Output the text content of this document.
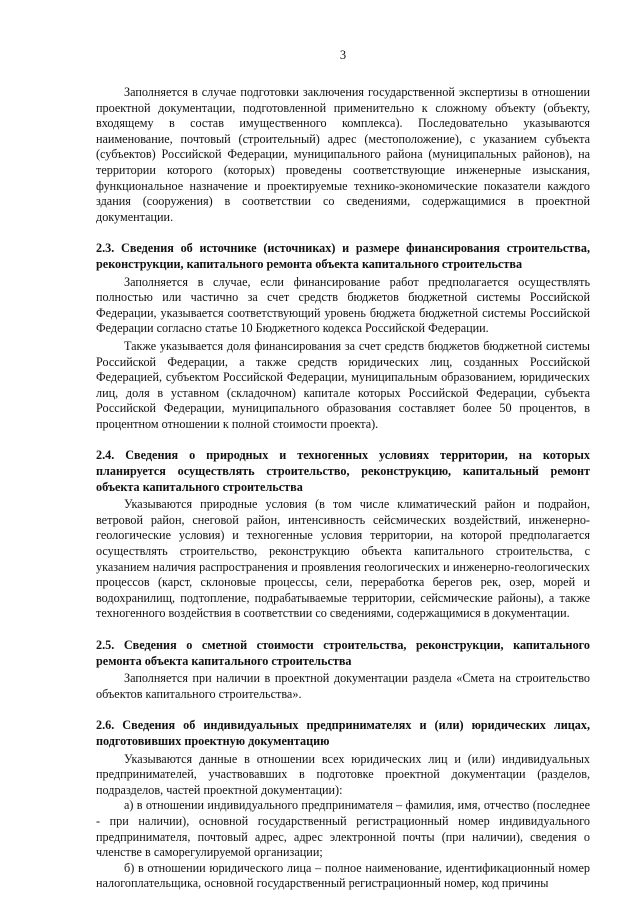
3

Заполняется в случае подготовки заключения государственной экспертизы в отношении проектной документации, подготовленной применительно к сложному объекту (объекту, входящему в состав имущественного комплекса). Последовательно указываются наименование, почтовый (строительный) адрес (местоположение), с указанием субъекта (субъектов) Российской Федерации, муниципального района (муниципальных районов), на территории которого (которых) проведены соответствующие инженерные изыскания, функциональное назначение и проектируемые технико-экономические показатели каждого здания (сооружения) в соответствии со сведениями, содержащимися в проектной документации.

2.3. Сведения об источнике (источниках) и размере финансирования строительства, реконструкции, капитального ремонта объекта капитального строительства

Заполняется в случае, если финансирование работ предполагается осуществлять полностью или частично за счет средств бюджетов бюджетной системы Российской Федерации, указывается соответствующий уровень бюджета бюджетной системы Российской Федерации согласно статье 10 Бюджетного кодекса Российской Федерации.

Также указывается доля финансирования за счет средств бюджетов бюджетной системы Российской Федерации, а также средств юридических лиц, созданных Российской Федерацией, субъектом Российской Федерации, муниципальным образованием, юридических лиц, доля в уставном (складочном) капитале которых Российской Федерации, субъекта Российской Федерации, муниципального образования составляет более 50 процентов, в процентном отношении к полной стоимости проекта).

2.4. Сведения о природных и техногенных условиях территории, на которых планируется осуществлять строительство, реконструкцию, капитальный ремонт объекта капитального строительства

Указываются природные условия (в том числе климатический район и подрайон, ветровой район, снеговой район, интенсивность сейсмических воздействий, инженерно-геологические условия) и техногенные условия территории, на которой предполагается осуществлять строительство, реконструкцию объекта капитального строительства, с указанием наличия распространения и проявления геологических и инженерно-геологических процессов (карст, склоновые процессы, сели, переработка берегов рек, озер, морей и водохранилищ, подтопление, подрабатываемые территории, сейсмические районы), а также техногенного воздействия в соответствии со сведениями, содержащимися в документации.

2.5. Сведения о сметной стоимости строительства, реконструкции, капитального ремонта объекта капитального строительства

Заполняется при наличии в проектной документации раздела «Смета на строительство объектов капитального строительства».

2.6. Сведения об индивидуальных предпринимателях и (или) юридических лицах, подготовивших проектную документацию

Указываются данные в отношении всех юридических лиц и (или) индивидуальных предпринимателей, участвовавших в подготовке проектной документации (разделов, подразделов, частей проектной документации):

а) в отношении индивидуального предпринимателя – фамилия, имя, отчество (последнее - при наличии), основной государственный регистрационный номер индивидуального предпринимателя, почтовый адрес, адрес электронной почты (при наличии), сведения о членстве в саморегулируемой организации;

б) в отношении юридического лица – полное наименование, идентификационный номер налогоплательщика, основной государственный регистрационный номер, код причины
